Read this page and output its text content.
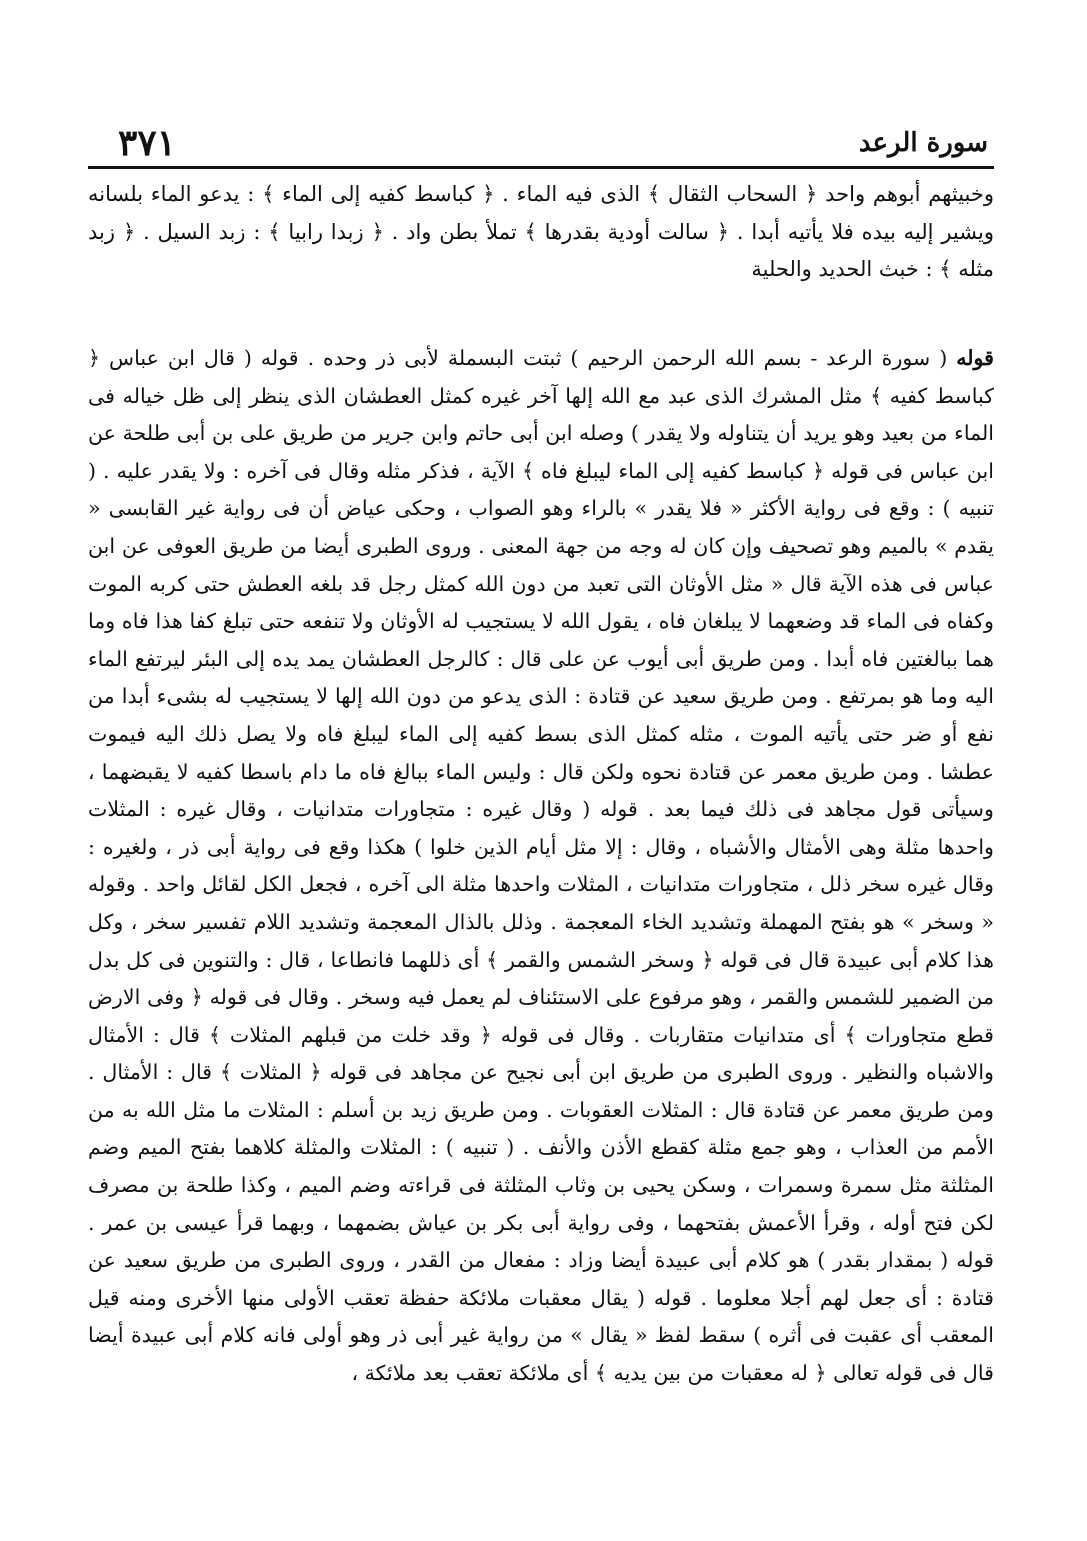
٣٧١	سورة الرعد

وخبيثهم أبوهم واحد ﴿ السحاب الثقال ﴾ الذى فيه الماء . ﴿ كباسط كفيه إلى الماء ﴾ : يدعو الماء بلسانه ويشير إليه بيده فلا يأتيه أبدا . ﴿ سالت أودية بقدرها ﴾ تملأ بطن واد . ﴿ زبدا رابيا ﴾ : زبد السيل . ﴿ زبد مثله ﴾ : خبث الحديد والحلية

قوله ( سورة الرعد - بسم الله الرحمن الرحيم ) ثبتت البسملة لأبى ذر وحده . قوله ( قال ابن عباس ﴿ كباسط كفيه ﴾ مثل المشرك الذى عبد مع الله إلها آخر غيره كمثل العطشان الذى ينظر إلى ظل خياله فى الماء من بعيد وهو يريد أن يتناوله ولا يقدر ) وصله ابن أبى حاتم وابن جرير من طريق على بن أبى طلحة عن ابن عباس فى قوله ﴿ كباسط كفيه إلى الماء ليبلغ فاه ﴾ الآية ، فذكر مثله وقال فى آخره : ولا يقدر عليه . ( تنبيه ) : وقع فى رواية الأكثر « فلا يقدر » بالراء وهو الصواب ، وحكى عياض أن فى رواية غير القابسى « يقدم » بالميم وهو تصحيف وإن كان له وجه من جهة المعنى . وروى الطبرى أيضا من طريق العوفى عن ابن عباس فى هذه الآية قال « مثل الأوثان التى تعبد من دون الله كمثل رجل قد بلغه العطش حتى كربه الموت وكفاه فى الماء قد وضعهما لا يبلغان فاه ، يقول الله لا يستجيب له الأوثان ولا تنفعه حتى تبلغ كفا هذا فاه وما هما ببالغتين فاه أبدا . ومن طريق أبى أيوب عن على قال : كالرجل العطشان يمد يده إلى البئر ليرتفع الماء اليه وما هو بمرتفع . ومن طريق سعيد عن قتادة : الذى يدعو من دون الله إلها لا يستجيب له بشىء أبدا من نفع أو ضر حتى يأتيه الموت ، مثله كمثل الذى بسط كفيه إلى الماء ليبلغ فاه ولا يصل ذلك اليه فيموت عطشا . ومن طريق معمر عن قتادة نحوه ولكن قال : وليس الماء ببالغ فاه ما دام باسطا كفيه لا يقبضهما ، وسيأتى قول مجاهد فى ذلك فيما بعد . قوله ( وقال غيره : متجاورات متدانيات ، وقال غيره : المثلات واحدها مثلة وهى الأمثال والأشباه ، وقال : إلا مثل أيام الذين خلوا ) هكذا وقع فى رواية أبى ذر ، ولغيره : وقال غيره سخر ذلل ، متجاورات متدانيات ، المثلات واحدها مثلة الى آخره ، فجعل الكل لقائل واحد . وقوله « وسخر » هو بفتح المهملة وتشديد الخاء المعجمة . وذلل بالذال المعجمة وتشديد اللام تفسير سخر ، وكل هذا كلام أبى عبيدة قال فى قوله ﴿ وسخر الشمس والقمر ﴾ أى ذللهما فانطاعا ، قال : والتنوين فى كل بدل من الضمير للشمس والقمر ، وهو مرفوع على الاستئناف لم يعمل فيه وسخر . وقال فى قوله ﴿ وفى الارض قطع متجاورات ﴾ أى متدانيات متقاربات . وقال فى قوله ﴿ وقد خلت من قبلهم المثلات ﴾ قال : الأمثال والاشباه والنظير . وروى الطبرى من طريق ابن أبى نجيح عن مجاهد فى قوله ﴿ المثلات ﴾ قال : الأمثال . ومن طريق معمر عن قتادة قال : المثلات العقوبات . ومن طريق زيد بن أسلم : المثلات ما مثل الله به من الأمم من العذاب ، وهو جمع مثلة كقطع الأذن والأنف . ( تنبيه ) : المثلات والمثلة كلاهما بفتح الميم وضم المثلثة مثل سمرة وسمرات ، وسكن يحيى بن وثاب المثلثة فى قراءته وضم الميم ، وكذا طلحة بن مصرف لكن فتح أوله ، وقرأ الأعمش بفتحهما ، وفى رواية أبى بكر بن عياش بضمهما ، وبهما قرأ عيسى بن عمر . قوله ( بمقدار بقدر ) هو كلام أبى عبيدة أيضا وزاد : مفعال من القدر ، وروى الطبرى من طريق سعيد عن قتادة : أى جعل لهم أجلا معلوما . قوله ( يقال معقبات ملائكة حفظة تعقب الأولى منها الأخرى ومنه قيل المعقب أى عقبت فى أثره ) سقط لفظ « يقال » من رواية غير أبى ذر وهو أولى فانه كلام أبى عبيدة أيضا قال فى قوله تعالى ﴿ له معقبات من بين يديه ﴾ أى ملائكة تعقب بعد ملائكة ،
